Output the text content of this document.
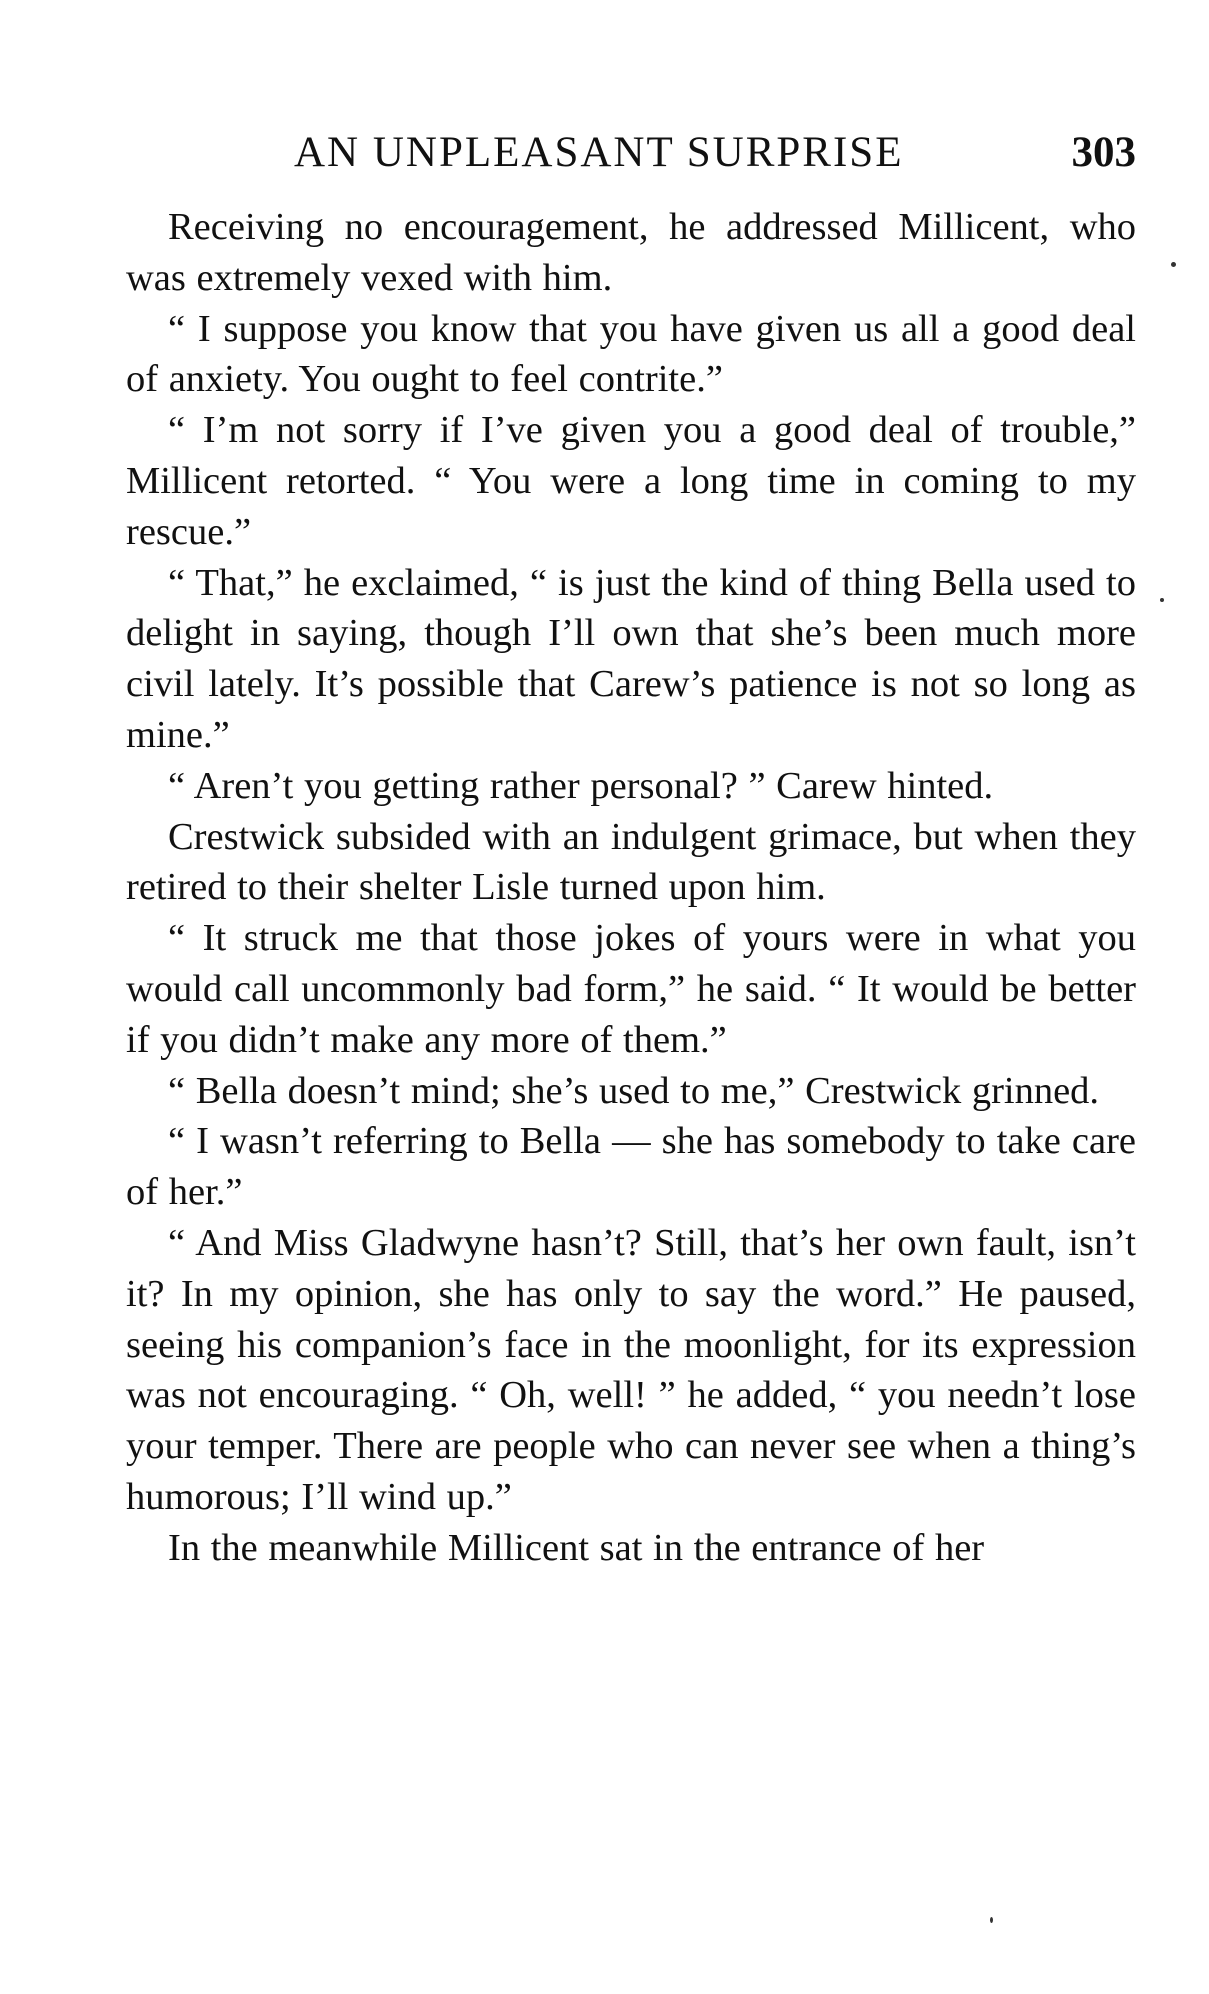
AN UNPLEASANT SURPRISE	303

Receiving no encouragement, he addressed Millicent, who was extremely vexed with him.

“ I suppose you know that you have given us all a good deal of anxiety. You ought to feel contrite.”

“ I’m not sorry if I’ve given you a good deal of trouble,” Millicent retorted. “ You were a long time in coming to my rescue.”

“ That,” he exclaimed, “ is just the kind of thing Bella used to delight in saying, though I’ll own that she’s been much more civil lately. It’s possible that Carew’s patience is not so long as mine.”

“ Aren’t you getting rather personal? ” Carew hinted.

Crestwick subsided with an indulgent grimace, but when they retired to their shelter Lisle turned upon him.

“ It struck me that those jokes of yours were in what you would call uncommonly bad form,” he said. “ It would be better if you didn’t make any more of them.”

“ Bella doesn’t mind; she’s used to me,” Crestwick grinned.

“ I wasn’t referring to Bella — she has somebody to take care of her.”

“ And Miss Gladwyne hasn’t? Still, that’s her own fault, isn’t it? In my opinion, she has only to say the word.” He paused, seeing his companion’s face in the moonlight, for its expression was not encouraging. “ Oh, well! ” he added, “ you needn’t lose your temper. There are people who can never see when a thing’s humorous; I’ll wind up.”

In the meanwhile Millicent sat in the entrance of her
